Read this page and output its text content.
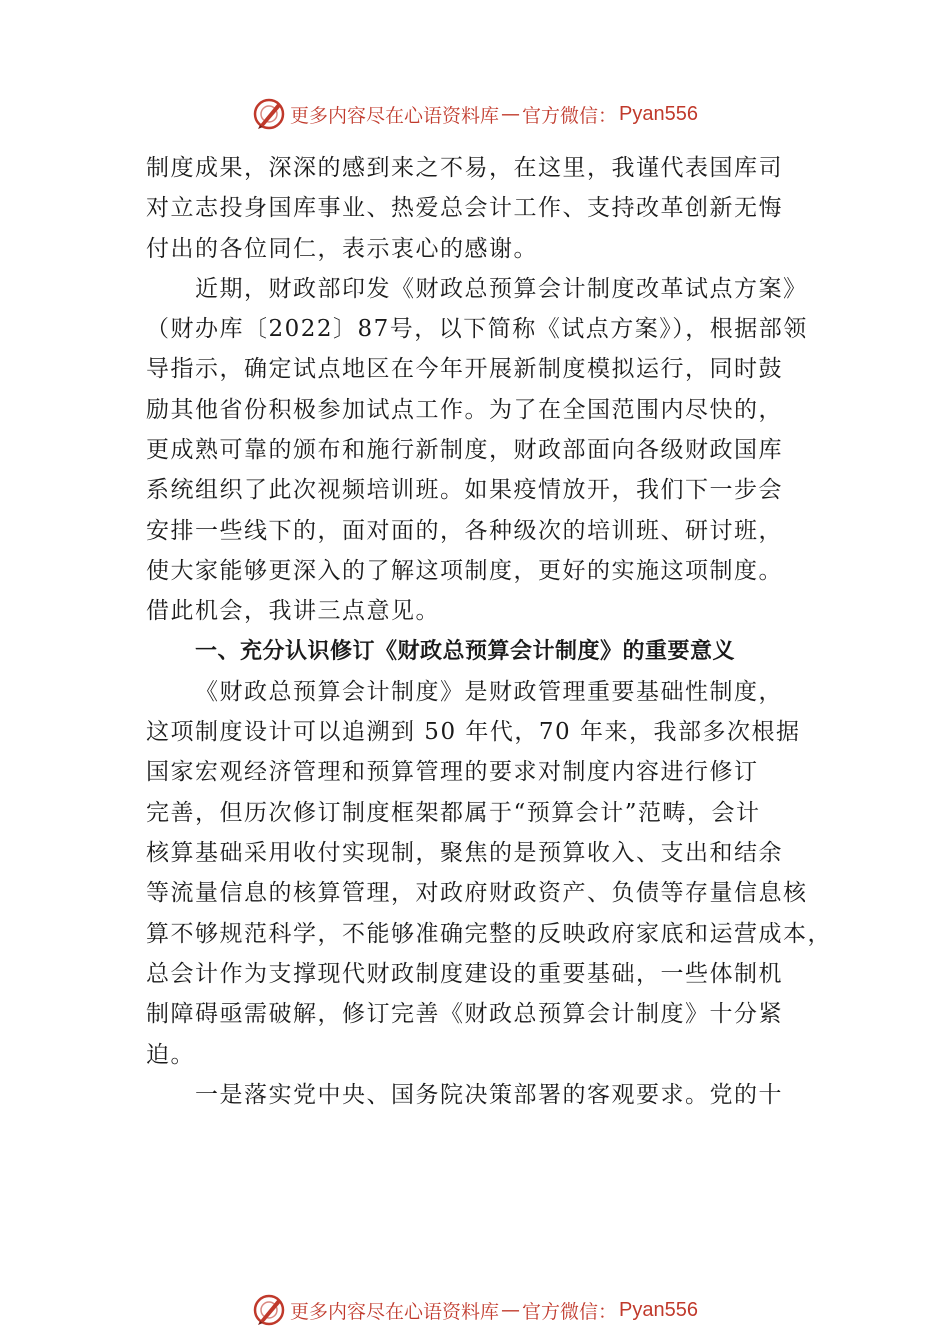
更多内容尽在心语资料库 — 官方微信： Pyan556
制度成果，深深的感到来之不易，在这里，我谨代表国库司
对立志投身国库事业、热爱总会计工作、支持改革创新无悔
付出的各位同仁，表示衷心的感谢。
近期，财政部印发《财政总预算会计制度改革试点方案》
（财办库〔2022〕87号，以下简称《试点方案》），根据部领
导指示，确定试点地区在今年开展新制度模拟运行，同时鼓
励其他省份积极参加试点工作。为了在全国范围内尽快的，
更成熟可靠的颁布和施行新制度，财政部面向各级财政国库
系统组织了此次视频培训班。如果疫情放开，我们下一步会
安排一些线下的，面对面的，各种级次的培训班、研讨班，
使大家能够更深入的了解这项制度，更好的实施这项制度。
借此机会，我讲三点意见。
一、充分认识修订《财政总预算会计制度》的重要意义
《财政总预算会计制度》是财政管理重要基础性制度，
这项制度设计可以追溯到 50 年代，70 年来，我部多次根据
国家宏观经济管理和预算管理的要求对制度内容进行修订
完善，但历次修订制度框架都属于“预算会计”范畴，会计
核算基础采用收付实现制，聚焦的是预算收入、支出和结余
等流量信息的核算管理，对政府财政资产、负债等存量信息核
算不够规范科学，不能够准确完整的反映政府家底和运营成本，
总会计作为支撑现代财政制度建设的重要基础，一些体制机
制障碍亟需破解，修订完善《财政总预算会计制度》十分紧
迫。
一是落实党中央、国务院决策部署的客观要求。党的十
更多内容尽在心语资料库 — 官方微信： Pyan556
